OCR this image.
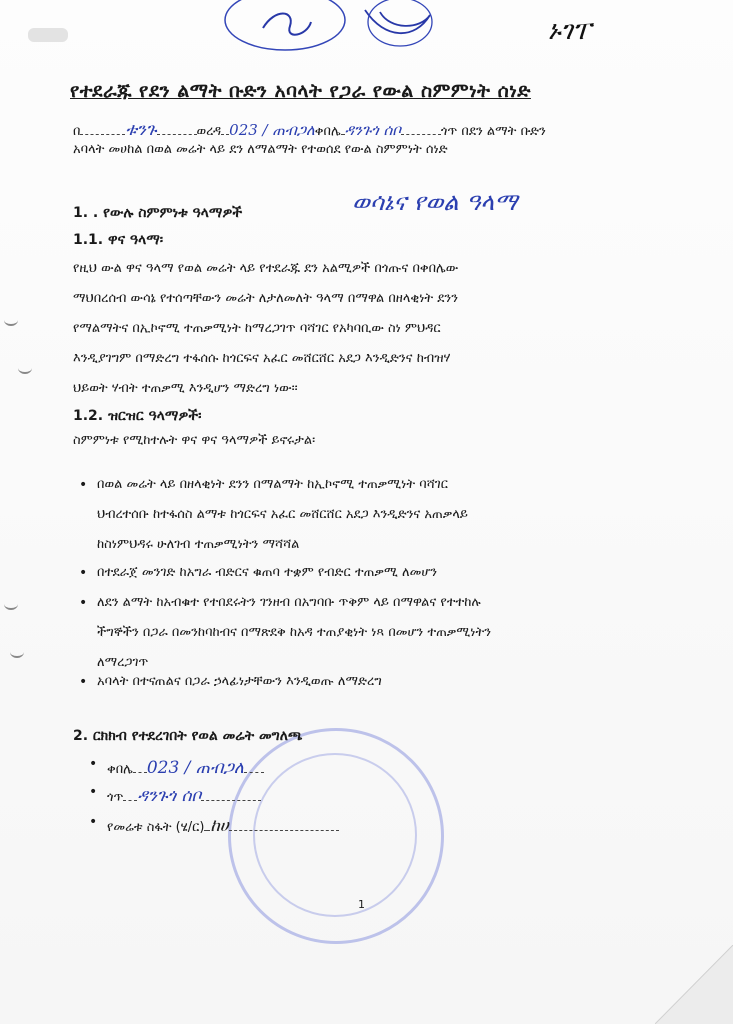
ኑገፐ
የተደራጁ የደን ልማት ቡድን አባላት የጋራ የውል ስምምነት ሰነድ
በ	ቱንጉ	ወረዳ 023 / ጠብጋለቀበሌ ዳንጉጎ ሰቦ	ጎጥ በደን ልማት ቡድን
አባላት መሀከል በወል መሬት ላይ ደን ለማልማት የተወሰደ የውል ስምምነት ሰነድ
1. . የውሉ ስምምነቱ ዓላማዎች	ወሳኔና የወል ዓላማ
1.1. ዋና ዓላማ፡
የዚህ ውል ዋና ዓላማ የወል መሬት ላይ የተደራጁ ደን አልሚዎች በጎጡና በቀበሌው
ማህበረሰብ ውሳኔ የተሰጣቸውን መሬት ለታለመለት ዓላማ በማዋል በዘላቂነት ደንን
የማልማትና በኢኮኖሚ ተጠቃሚነት ከማረጋገጥ ባሻገር የአካባቢው ስነ ምህዳር
እንዲያገግም በማድረግ ተፋሰሱ ከጎርፍና አፈር መሸርሸር አደጋ እንዲድንና ከብዝሃ
ህይወት ሃብት ተጠቃሚ እንዲሆን ማድረግ ነው፡፡
1.2. ዝርዝር ዓላማዎች፡
ስምምነቱ የሚከተሉት ዋና ዋና ዓላማዎች ይኖሩታል፡
• በወል መሬት ላይ በዘላቂነት ደንን በማልማት ከኢኮኖሚ ተጠቃሚነት ባሻገር
ህብረተሰቡ ከተፋሰስ ልማቱ ከጎርፍና አፈር መሸርሸር አደጋ እንዲድንና አጠቃላይ
ከስነምህዳሩ ሁለገብ ተጠቃሚነትን ማሻሻል
• በተደራጀ መንገድ ከአግራ ብድርና ቁጠባ ተቋም የብድር ተጠቃሚ ለመሆን
• ለደን ልማት ከአብቁተ የተበደሩትን ገንዘብ በአግባቡ ጥቅም ላይ በማዋልና የተተከሉ
ችግኞችን በጋራ በመንከባከብና በማጽደቅ ከአዳ ተጠያቂነት ነጻ በመሆን ተጠቃሚነትን
ለማረጋገጥ
• አባላት በተናጠልና በጋራ ኃላፊነታቸውን እንዲወጡ ለማድረግ
2. ርክክብ የተደረገበት የወል መሬት መግለጫ
• ቀበሌ 023 / ጠብጋለ
• ጎጥ ዳንጉጎ ሰቦ
• የመሬቱ ስፋት (ሄ/ር) ከሀ
1
